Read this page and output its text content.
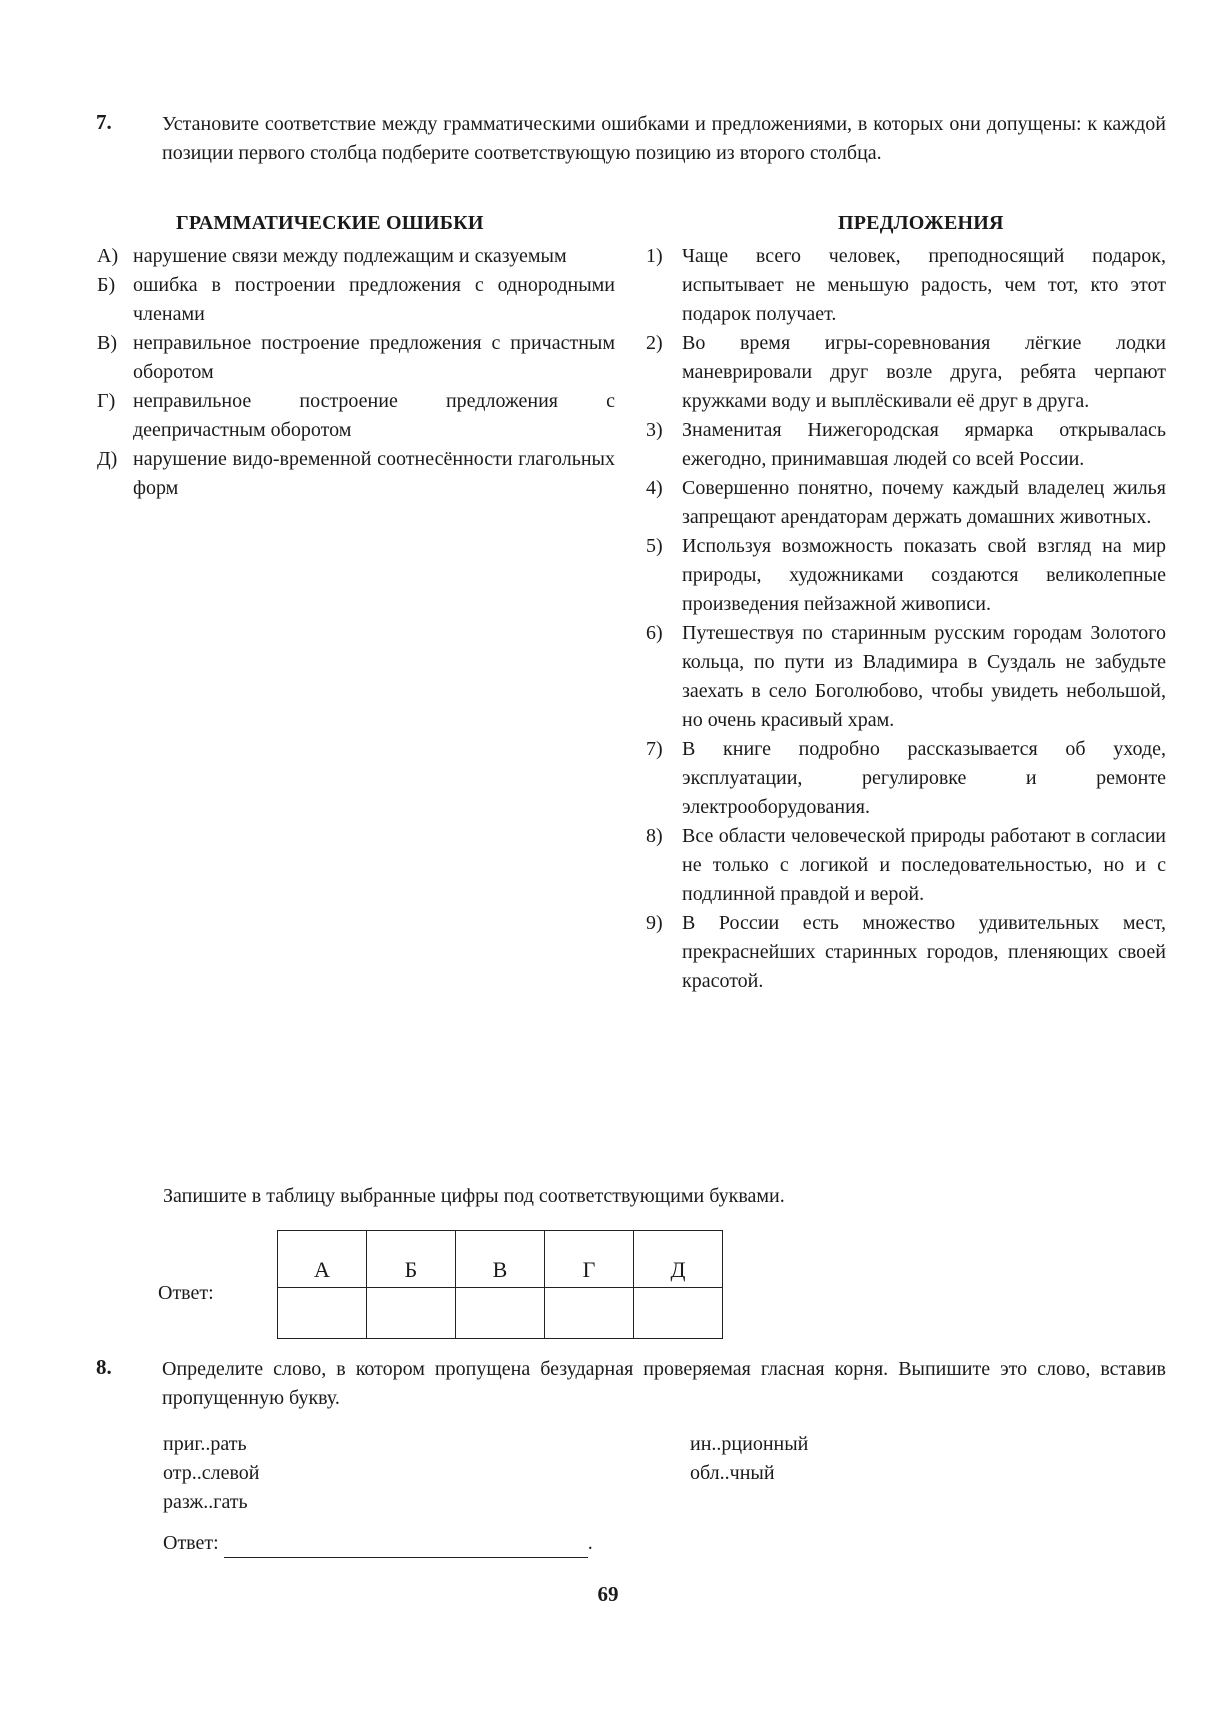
7.	Установите соответствие между грамматическими ошибками и предложениями, в которых они допущены: к каждой позиции первого столбца подберите соответствующую позицию из второго столбца.
ГРАММАТИЧЕСКИЕ ОШИБКИ	ПРЕДЛОЖЕНИЯ
А) нарушение связи между подлежащим и сказуемым
Б) ошибка в построении предложения с однородными членами
В) неправильное построение предложения с причастным оборотом
Г) неправильное построение предложения с деепричастным оборотом
Д) нарушение видо-временной соотнесённости глагольных форм
1) Чаще всего человек, преподносящий подарок, испытывает не меньшую радость, чем тот, кто этот подарок получает.
2) Во время игры-соревнования лёгкие лодки маневрировали друг возле друга, ребята черпают кружками воду и выплёскивали её друг в друга.
3) Знаменитая Нижегородская ярмарка открывалась ежегодно, принимавшая людей со всей России.
4) Совершенно понятно, почему каждый владелец жилья запрещают арендаторам держать домашних животных.
5) Используя возможность показать свой взгляд на мир природы, художниками создаются великолепные произведения пейзажной живописи.
6) Путешествуя по старинным русским городам Золотого кольца, по пути из Владимира в Суздаль не забудьте заехать в село Боголюбово, чтобы увидеть небольшой, но очень красивый храм.
7) В книге подробно рассказывается об уходе, эксплуатации, регулировке и ремонте электрооборудования.
8) Все области человеческой природы работают в согласии не только с логикой и последовательностью, но и с подлинной правдой и верой.
9) В России есть множество удивительных мест, прекраснейших старинных городов, пленяющих своей красотой.
Запишите в таблицу выбранные цифры под соответствующими буквами.
Ответ:
А	Б	В	Г	Д

8.	Определите слово, в котором пропущена безударная проверяемая гласная корня. Выпишите это слово, вставив пропущенную букву.
приг..рать
отр..слевой
разж..гать
ин..рционный
обл..чный
Ответ:	.
69
